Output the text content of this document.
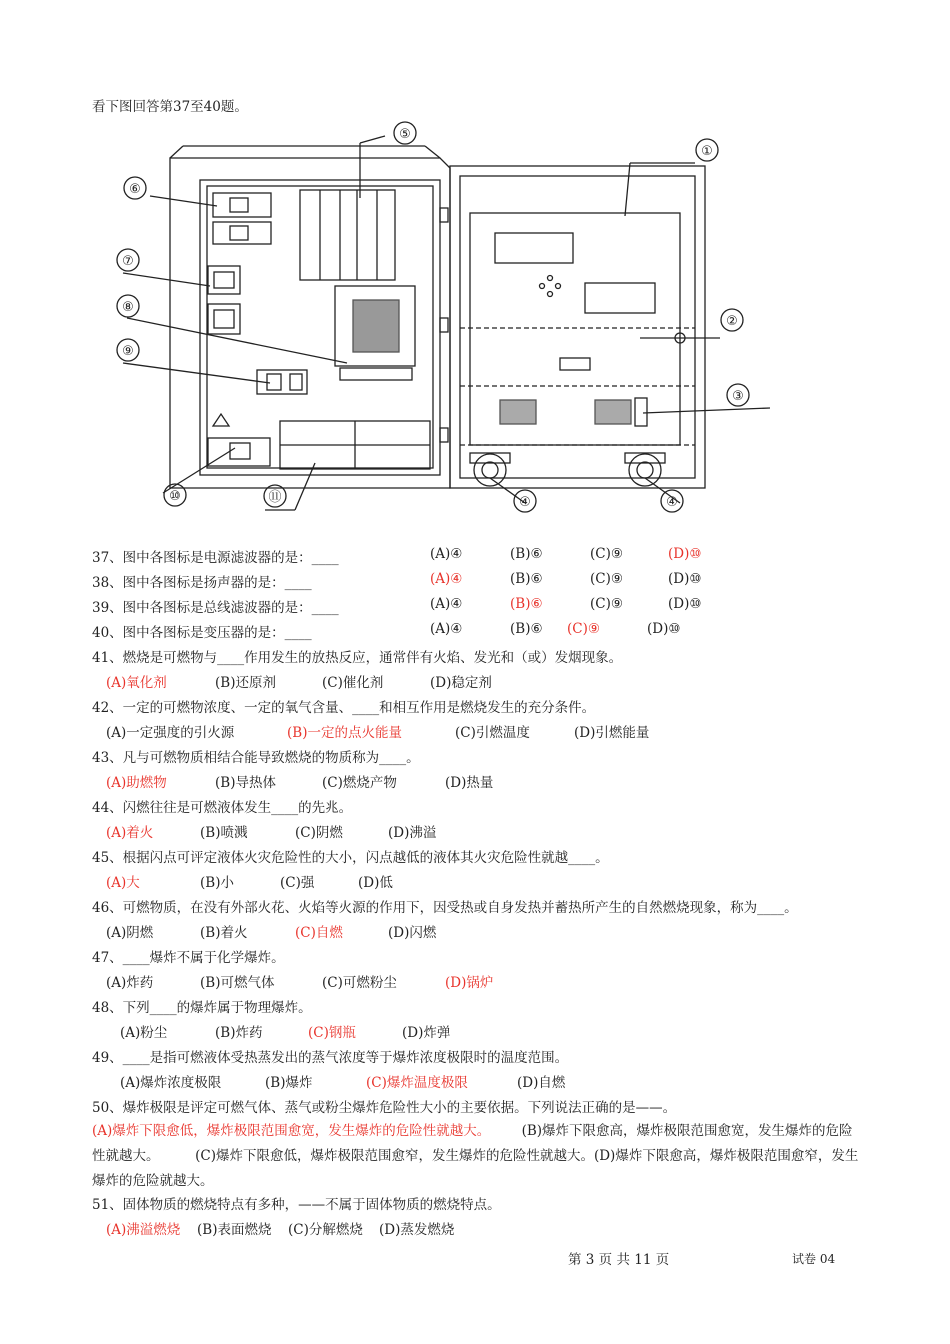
看下图回答第37至40题。
①
②
③
④	④
⑤
⑥
⑦
⑧
⑨
⑩	⑪
37、图中各图标是电源滤波器的是：____	(A)④	(B)⑥	(C)⑨	(D)⑩
38、图中各图标是扬声器的是：____	(A)④	(B)⑥	(C)⑨	(D)⑩
39、图中各图标是总线滤波器的是：____	(A)④	(B)⑥	(C)⑨	(D)⑩
40、图中各图标是变压器的是：____	(A)④	(B)⑥ (C)⑨	(D)⑩
41、燃烧是可燃物与____作用发生的放热反应，通常伴有火焰、发光和（或）发烟现象。
(A)氧化剂	(B)还原剂	(C)催化剂	(D)稳定剂
42、一定的可燃物浓度、一定的氧气含量、____和相互作用是燃烧发生的充分条件。
(A)一定强度的引火源	(B)一定的点火能量	(C)引燃温度	(D)引燃能量
43、凡与可燃物质相结合能导致燃烧的物质称为____。
(A)助燃物	(B)导热体	(C)燃烧产物	(D)热量
44、闪燃往往是可燃液体发生____的先兆。
(A)着火	(B)喷溅	(C)阴燃	(D)沸溢
45、根据闪点可评定液体火灾危险性的大小，闪点越低的液体其火灾危险性就越____。
(A)大	(B)小	(C)强	(D)低
46、可燃物质，在没有外部火花、火焰等火源的作用下，因受热或自身发热并蓄热所产生的自然燃烧现象，称为____。
(A)阴燃	(B)着火	(C)自燃	(D)闪燃
47、____爆炸不属于化学爆炸。
(A)炸药	(B)可燃气体	(C)可燃粉尘	(D)锅炉
48、下列____的爆炸属于物理爆炸。
(A)粉尘	(B)炸药	(C)钢瓶	(D)炸弹
49、____是指可燃液体受热蒸发出的蒸气浓度等于爆炸浓度极限时的温度范围。
(A)爆炸浓度极限	(B)爆炸	(C)爆炸温度极限	(D)自燃
50、爆炸极限是评定可燃气体、蒸气或粉尘爆炸危险性大小的主要依据。下列说法正确的是——。
(A)爆炸下限愈低，爆炸极限范围愈宽，发生爆炸的危险性就越大。   (B)爆炸下限愈高，爆炸极限范围愈宽，发生爆炸的危险性就越大。  	(C)爆炸下限愈低，爆炸极限范围愈窄，发生爆炸的危险性就越大。(D)爆炸下限愈高，爆炸极限范围愈窄，发生爆炸的危险就越大。
51、固体物质的燃烧特点有多种，——不属于固体物质的燃烧特点。
(A)沸溢燃烧 (B)表面燃烧 (C)分解燃烧 (D)蒸发燃烧
第 3 页 共 11 页	试卷 04
